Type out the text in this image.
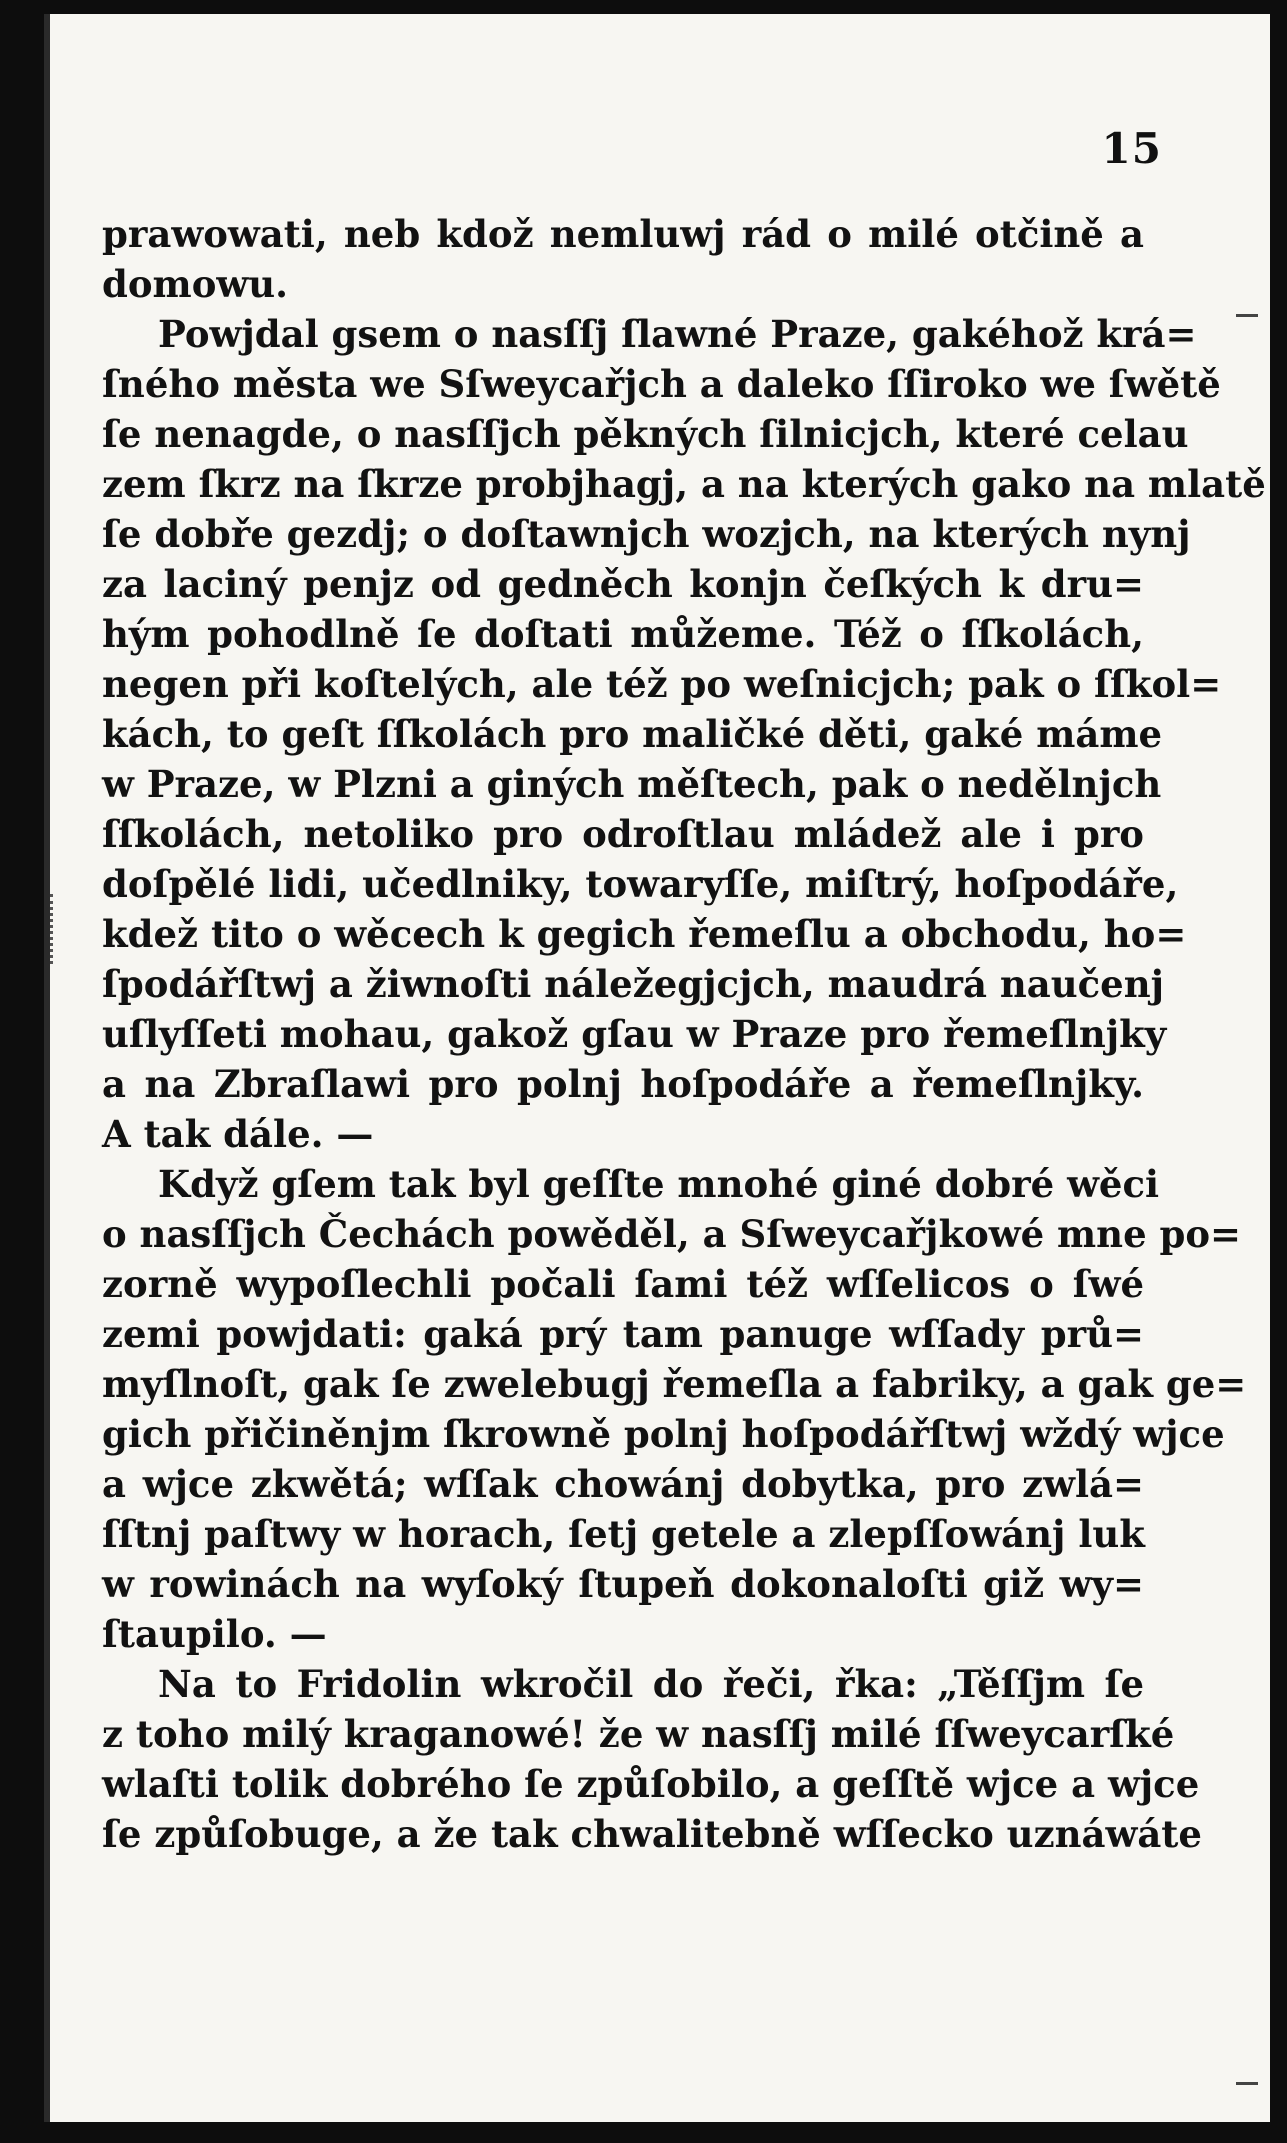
15
prawowati, neb kdož nemluwj rád o milé otčině a
domowu.
Powjdal gsem o nasſſj ſlawné Praze, gakéhož krá=
ſného města we Sſweycařjch a daleko ſſiroko we ſwětě
ſe nenagde, o nasſſjch pěkných ſilnicjch, které celau
zem ſkrz na ſkrze probjhagj, a na kterých gako na mlatě
ſe dobře gezdj; o doſtawnjch wozjch, na kterých nynj
za laciný penjz od gedněch konjn čeſkých k dru=
hým pohodlně ſe doſtati můžeme. Též o ſſkolách,
negen při koſtelých, ale též po weſnicjch; pak o ſſkol=
kách, to geſt ſſkolách pro maličké děti, gaké máme
w Praze, w Plzni a giných měſtech, pak o nedělnjch
ſſkolách, netoliko pro odroſtlau mládež ale i pro
doſpělé lidi, učedlniky, towaryſſe, miſtrý, hoſpodáře,
kdež tito o wěcech k gegich řemeſlu a obchodu, ho=
ſpodářſtwj a žiwnoſti náležegjcjch, maudrá naučenj
uſlyſſeti mohau, gakož gſau w Praze pro řemeſlnjky
a na Zbraſlawi pro polnj hoſpodáře a řemeſlnjky.
A tak dále. —
Když gſem tak byl geſſte mnohé giné dobré wěci
o nasſſjch Čechách powěděl, a Sſweycařjkowé mne po=
zorně wypoſlechli počali ſami též wſſelicos o ſwé
zemi powjdati: gaká prý tam panuge wſſady prů=
myſlnoſt, gak ſe zwelebugj řemeſla a fabriky, a gak ge=
gich přičiněnjm ſkrowně polnj hoſpodářſtwj wždý wjce
a wjce zkwětá; wſſak chowánj dobytka, pro zwlá=
ſſtnj paſtwy w horach, ſetj getele a zlepſſowánj luk
w rowinách na wyſoký ſtupeň dokonaloſti giž wy=
ſtaupilo. —
Na to Fridolin wkročil do řeči, řka: „Těſſjm ſe
z toho milý kraganowé! že w nasſſj milé ſſweycarſké
wlaſti tolik dobrého ſe způſobilo, a geſſtě wjce a wjce
ſe způſobuge, a že tak chwalitebně wſſecko uznáwáte
